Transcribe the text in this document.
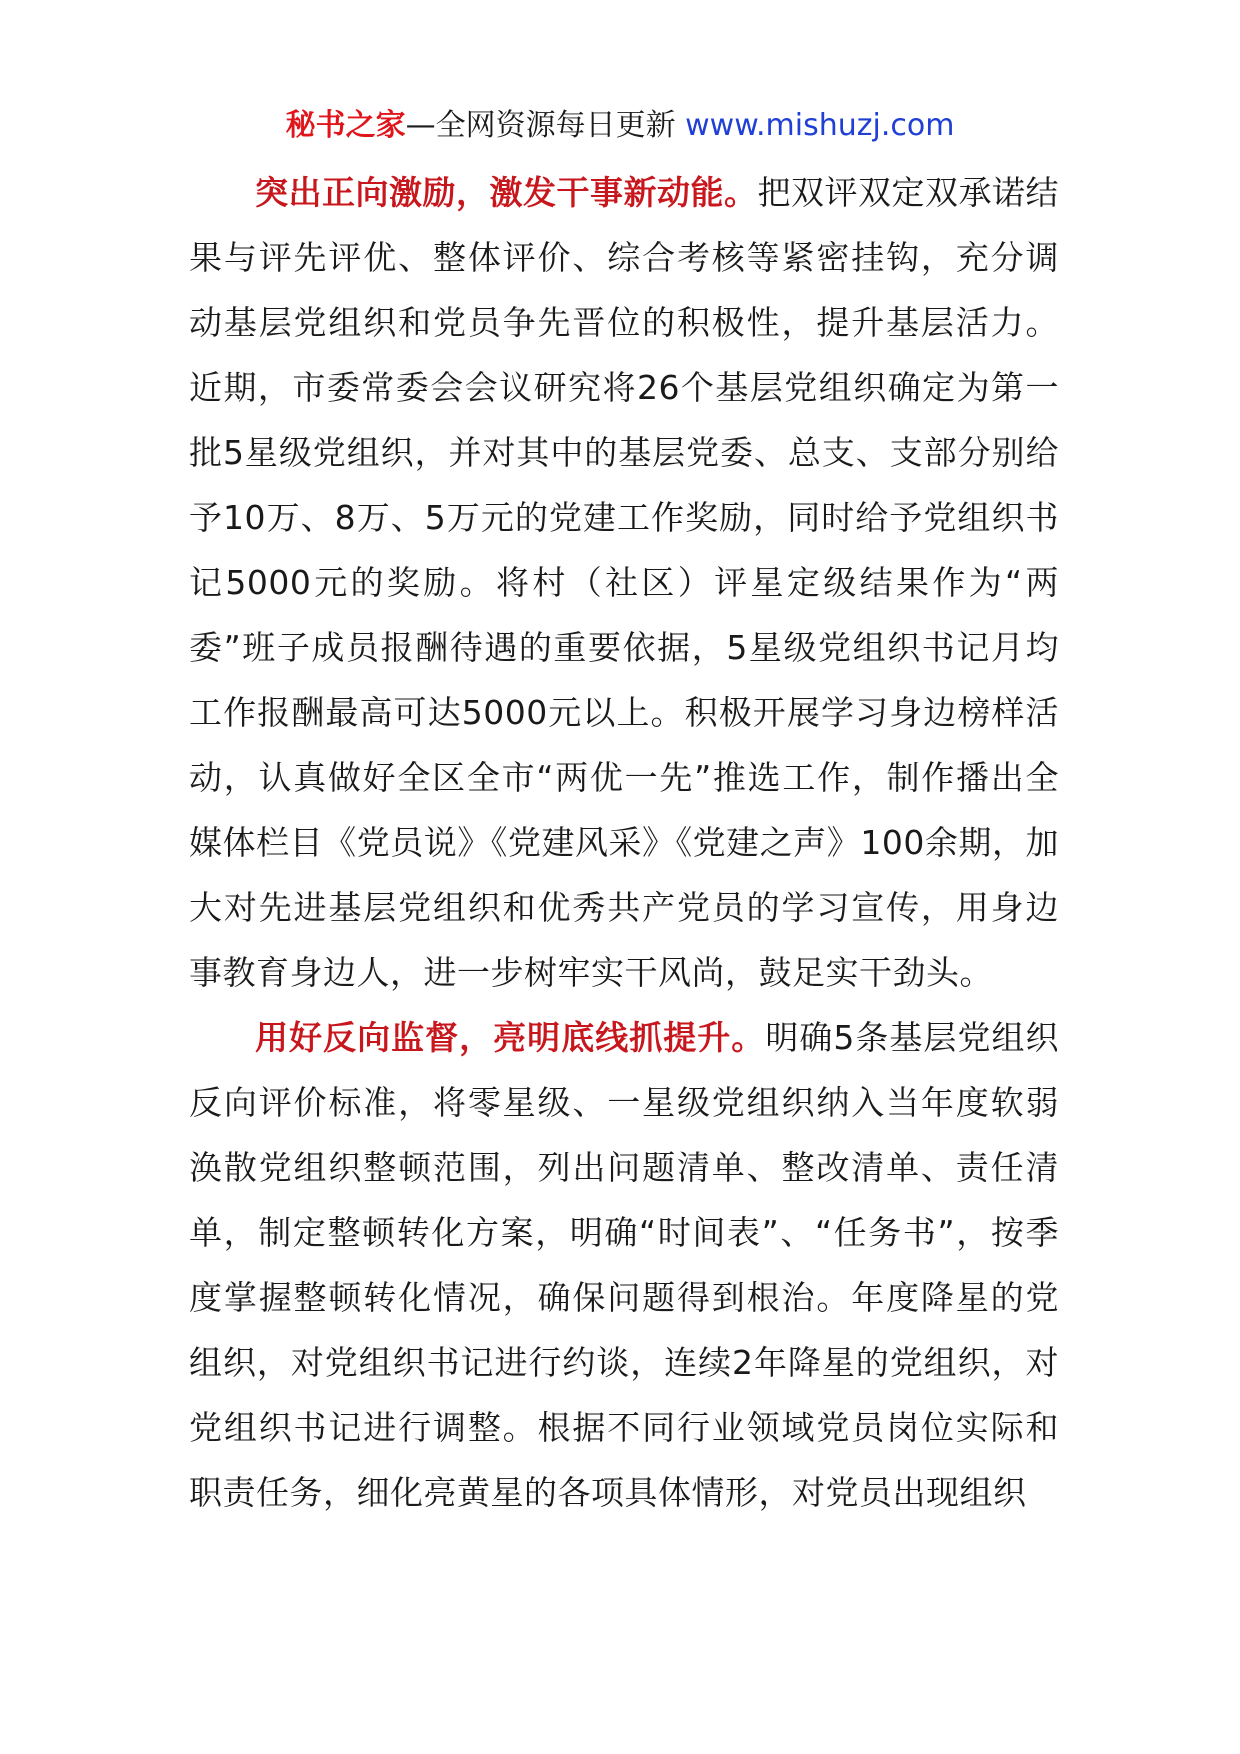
秘书之家—全网资源每日更新 www.mishuzj.com

突出正向激励，激发干事新动能。把双评双定双承诺结果与评先评优、整体评价、综合考核等紧密挂钩，充分调动基层党组织和党员争先晋位的积极性，提升基层活力。近期，市委常委会会议研究将26个基层党组织确定为第一批5星级党组织，并对其中的基层党委、总支、支部分别给予10万、8万、5万元的党建工作奖励，同时给予党组织书记5000元的奖励。将村（社区）评星定级结果作为“两委”班子成员报酬待遇的重要依据，5星级党组织书记月均工作报酬最高可达5000元以上。积极开展学习身边榜样活动，认真做好全区全市“两优一先”推选工作，制作播出全媒体栏目《党员说》《党建风采》《党建之声》100余期，加大对先进基层党组织和优秀共产党员的学习宣传，用身边事教育身边人，进一步树牢实干风尚，鼓足实干劲头。

用好反向监督，亮明底线抓提升。明确5条基层党组织反向评价标准，将零星级、一星级党组织纳入当年度软弱涣散党组织整顿范围，列出问题清单、整改清单、责任清单，制定整顿转化方案，明确“时间表”、“任务书”，按季度掌握整顿转化情况，确保问题得到根治。年度降星的党组织，对党组织书记进行约谈，连续2年降星的党组织，对党组织书记进行调整。根据不同行业领域党员岗位实际和职责任务，细化亮黄星的各项具体情形，对党员出现组织
